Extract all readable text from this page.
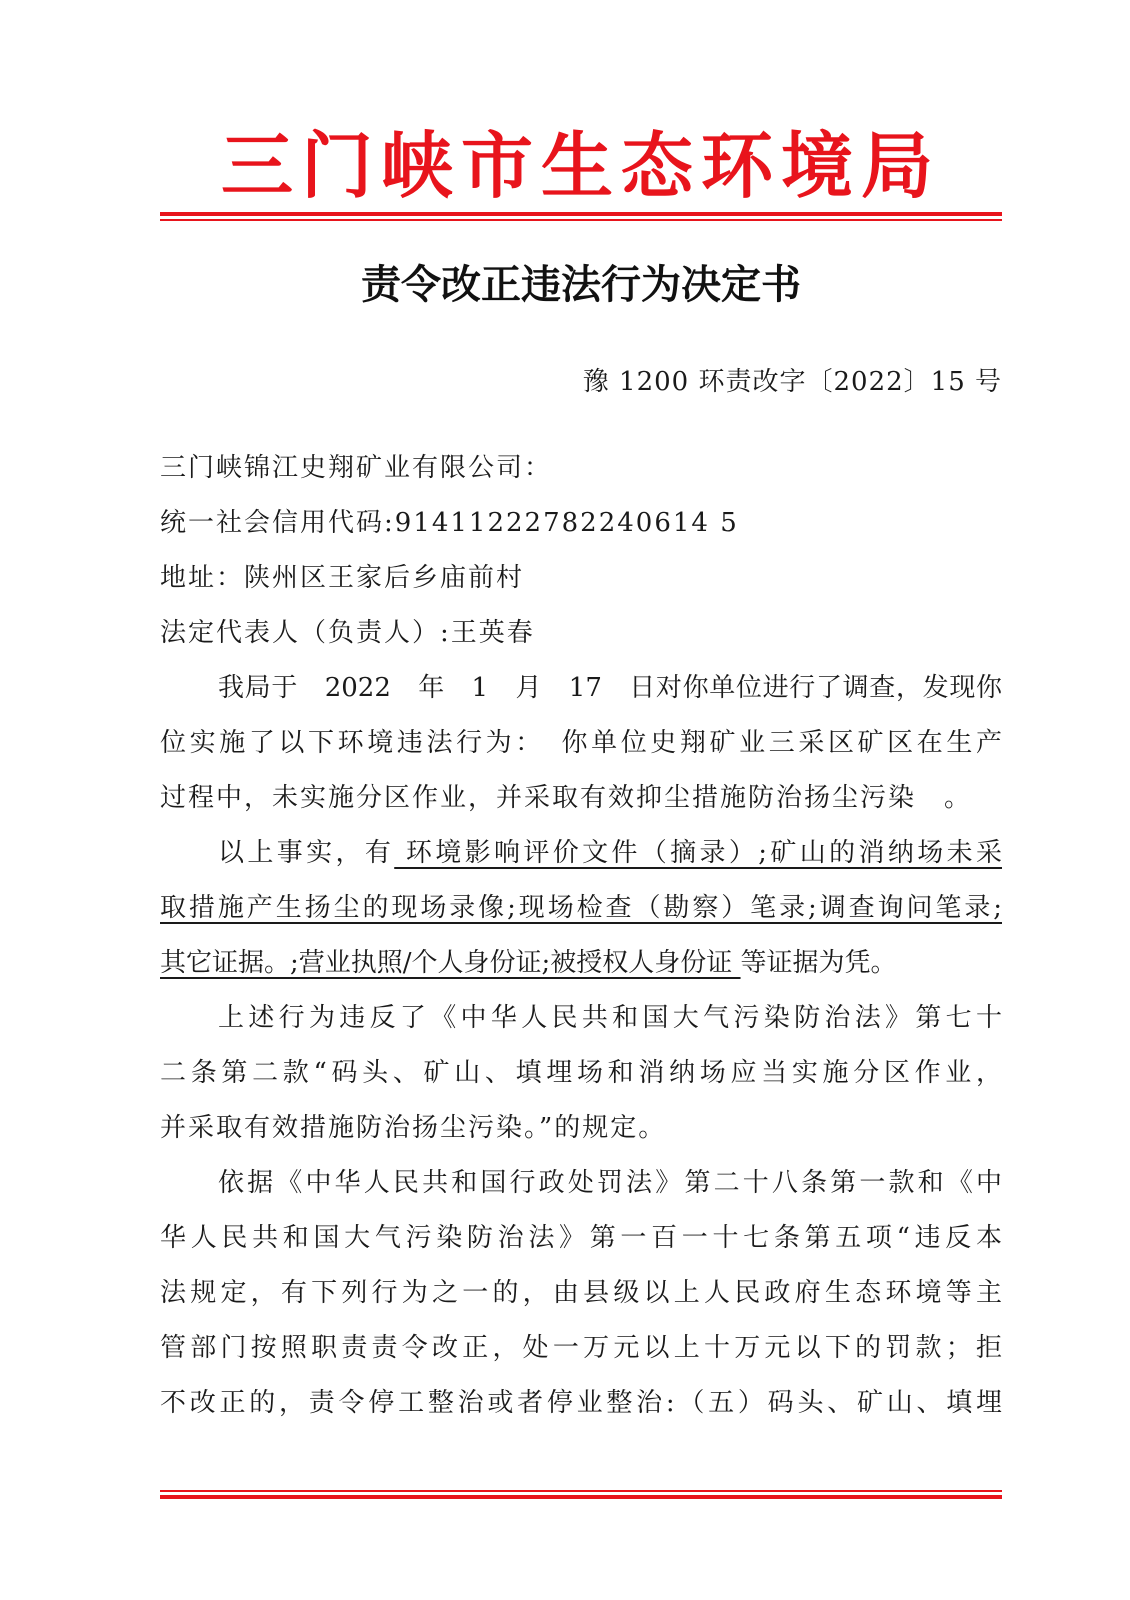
三门峡市生态环境局
责令改正违法行为决定书
豫 1200 环责改字〔2022〕15 号
三门峡锦江史翔矿业有限公司：
统一社会信用代码:91411222782240614 5
地址：陕州区王家后乡庙前村
法定代表人（负责人）:王英春
我局于　2022　年　1　月　17　日对你单位进行了调查，发现你
位实施了以下环境违法行为：　你单位史翔矿业三采区矿区在生产
过程中，未实施分区作业，并采取有效抑尘措施防治扬尘污染　。
以上事实，有 环境影响评价文件（摘录）;矿山的消纳场未采
取措施产生扬尘的现场录像;现场检查（勘察）笔录;调查询问笔录;
其它证据。;营业执照/个人身份证;被授权人身份证 等证据为凭。
上述行为违反了《中华人民共和国大气污染防治法》第七十
二条第二款“码头、矿山、填埋场和消纳场应当实施分区作业，
并采取有效措施防治扬尘污染。”的规定。
依据《中华人民共和国行政处罚法》第二十八条第一款和《中
华人民共和国大气污染防治法》第一百一十七条第五项“违反本
法规定，有下列行为之一的，由县级以上人民政府生态环境等主
管部门按照职责责令改正，处一万元以上十万元以下的罚款；拒
不改正的，责令停工整治或者停业整治:（五）码头、矿山、填埋
